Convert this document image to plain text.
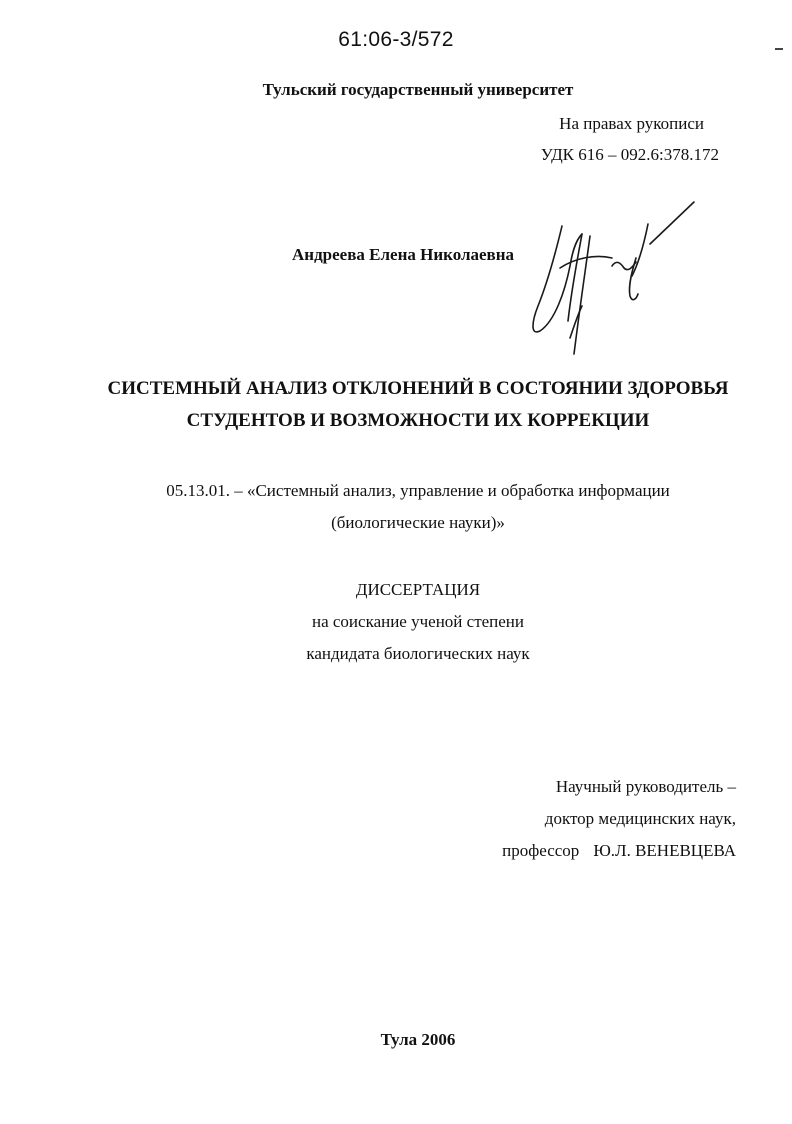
61:06-3/572
Тульский государственный университет
На правах рукописи
УДК 616 – 092.6:378.172
Андреева Елена Николаевна
СИСТЕМНЫЙ АНАЛИЗ ОТКЛОНЕНИЙ В СОСТОЯНИИ ЗДОРОВЬЯ
СТУДЕНТОВ И ВОЗМОЖНОСТИ ИХ КОРРЕКЦИИ
05.13.01. – «Системный анализ, управление и обработка информации
(биологические науки)»
ДИССЕРТАЦИЯ
на соискание ученой степени
кандидата биологических наук
Научный руководитель –
доктор медицинских наук,
профессор Ю.Л. ВЕНЕВЦЕВА
Тула 2006
